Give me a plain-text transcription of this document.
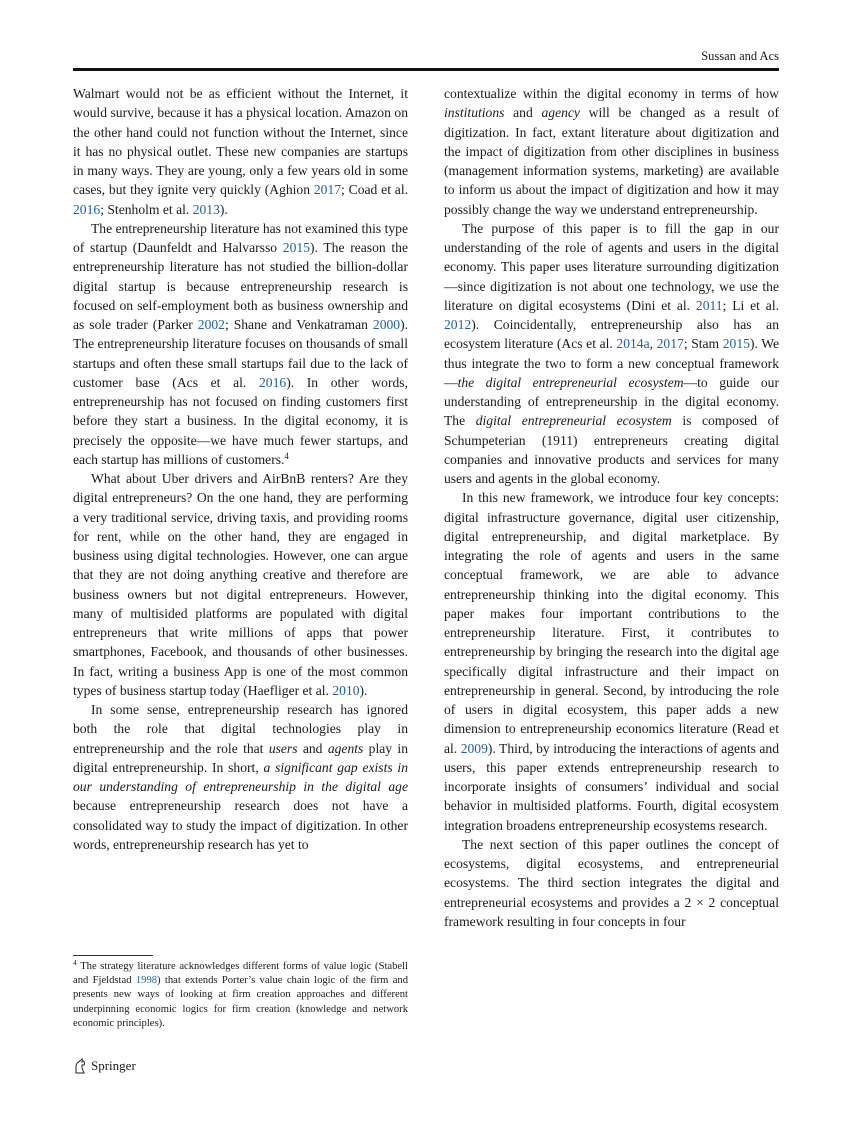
Sussan and Acs

Walmart would not be as efficient without the Internet, it would survive, because it has a physical location. Amazon on the other hand could not function without the Internet, since it has no physical outlet. These new companies are startups in many ways. They are young, only a few years old in some cases, but they ignite very quickly (Aghion 2017; Coad et al. 2016; Stenholm et al. 2013).

The entrepreneurship literature has not examined this type of startup (Daunfeldt and Halvarsso 2015). The reason the entrepreneurship literature has not studied the billion-dollar digital startup is because entrepreneurship research is focused on self-employment both as business ownership and as sole trader (Parker 2002; Shane and Venkatraman 2000). The entrepreneurship literature focuses on thousands of small startups and often these small startups fail due to the lack of customer base (Acs et al. 2016). In other words, entrepreneurship has not focused on finding customers first before they start a business. In the digital economy, it is precisely the opposite—we have much fewer startups, and each startup has millions of customers.$^4$

What about Uber drivers and AirBnB renters? Are they digital entrepreneurs? On the one hand, they are performing a very traditional service, driving taxis, and providing rooms for rent, while on the other hand, they are engaged in business using digital technologies. However, one can argue that they are not doing anything creative and therefore are business owners but not digital entrepreneurs. However, many of multisided platforms are populated with digital entrepreneurs that write millions of apps that power smartphones, Facebook, and thousands of other businesses. In fact, writing a business App is one of the most common types of business startup today (Haefliger et al. 2010).

In some sense, entrepreneurship research has ignored both the role that digital technologies play in entrepreneurship and the role that users and agents play in digital entrepreneurship. In short, a significant gap exists in our understanding of entrepreneurship in the digital age because entrepreneurship research does not have a consolidated way to study the impact of digitization. In other words, entrepreneurship research has yet to

contextualize within the digital economy in terms of how institutions and agency will be changed as a result of digitization. In fact, extant literature about digitization and the impact of digitization from other disciplines in business (management information systems, marketing) are available to inform us about the impact of digitization and how it may possibly change the way we understand entrepreneurship.

The purpose of this paper is to fill the gap in our understanding of the role of agents and users in the digital economy. This paper uses literature surrounding digitization—since digitization is not about one technology, we use the literature on digital ecosystems (Dini et al. 2011; Li et al. 2012). Coincidentally, entrepreneurship also has an ecosystem literature (Acs et al. 2014a, 2017; Stam 2015). We thus integrate the two to form a new conceptual framework—the digital entrepreneurial ecosystem—to guide our understanding of entrepreneurship in the digital economy. The digital entrepreneurial ecosystem is composed of Schumpeterian (1911) entrepreneurs creating digital companies and innovative products and services for many users and agents in the global economy.

In this new framework, we introduce four key concepts: digital infrastructure governance, digital user citizenship, digital entrepreneurship, and digital marketplace. By integrating the role of agents and users in the same conceptual framework, we are able to advance entrepreneurship thinking into the digital economy. This paper makes four important contributions to the entrepreneurship literature. First, it contributes to entrepreneurship by bringing the research into the digital age specifically digital infrastructure and their impact on entrepreneurship in general. Second, by introducing the role of users in digital ecosystem, this paper adds a new dimension to entrepreneurship economics literature (Read et al. 2009). Third, by introducing the interactions of agents and users, this paper extends entrepreneurship research to incorporate insights of consumers’ individual and social behavior in multisided platforms. Fourth, digital ecosystem integration broadens entrepreneurship ecosystems research.

The next section of this paper outlines the concept of ecosystems, digital ecosystems, and entrepreneurial ecosystems. The third section integrates the digital and entrepreneurial ecosystems and provides a 2 × 2 conceptual framework resulting in four concepts in four

$^4$ The strategy literature acknowledges different forms of value logic (Stabell and Fjeldstad 1998) that extends Porter’s value chain logic of the firm and presents new ways of looking at firm creation approaches and different underpinning economic logics for firm creation (knowledge and network economic principles).
Springer
